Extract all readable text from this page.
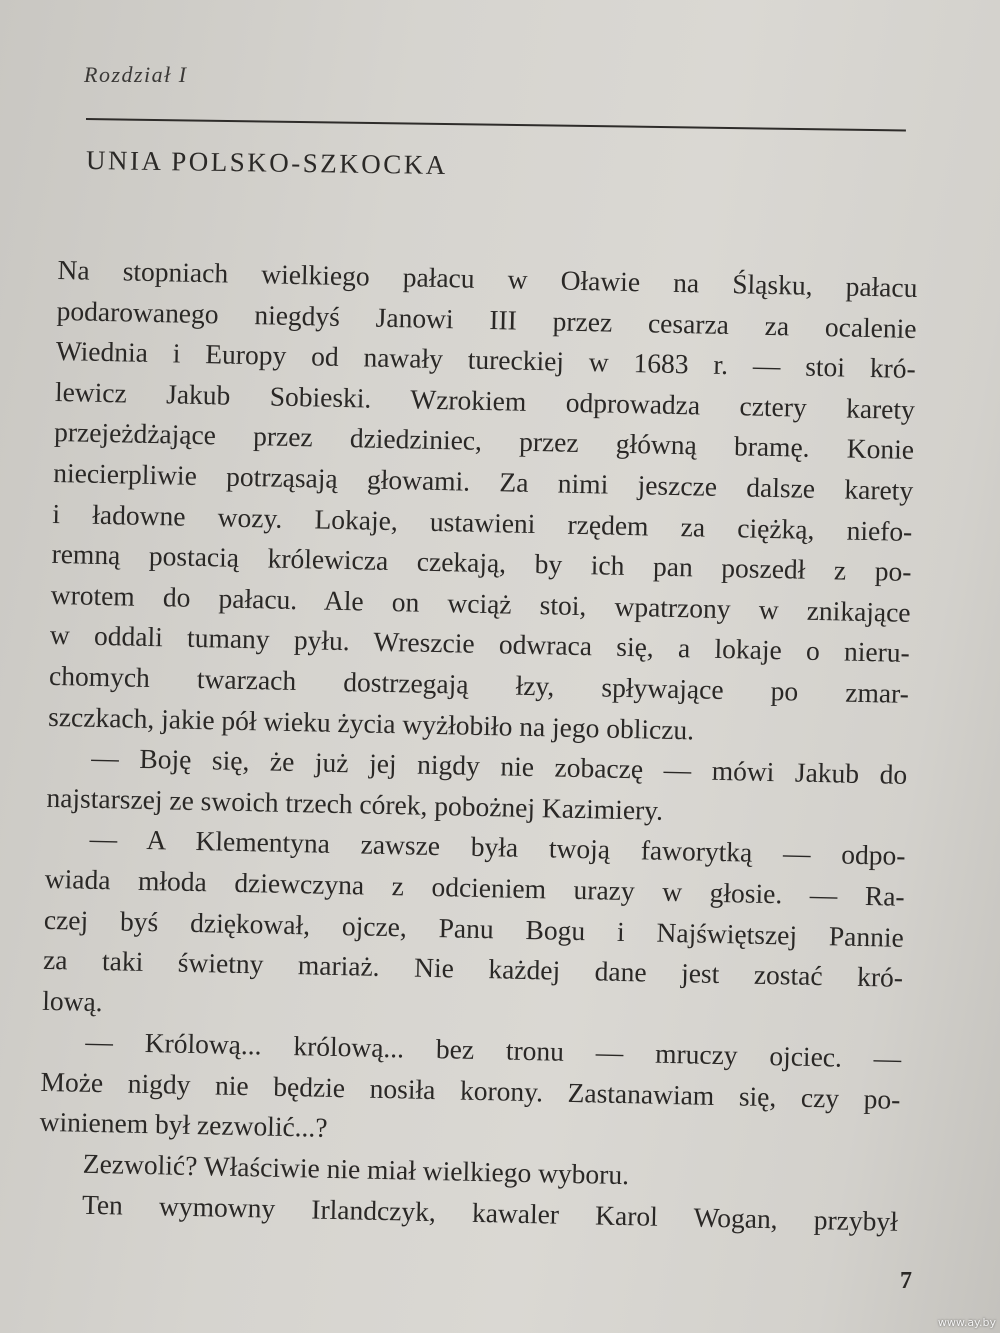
Rozdział I
UNIA POLSKO-SZKOCKA
Na stopniach wielkiego pałacu w Oławie na Śląsku, pałacu
podarowanego niegdyś Janowi III przez cesarza za ocalenie
Wiednia i Europy od nawały tureckiej w 1683 r. — stoi kró-
lewicz Jakub Sobieski. Wzrokiem odprowadza cztery karety
przejeżdżające przez dziedziniec, przez główną bramę. Konie
niecierpliwie potrząsają głowami. Za nimi jeszcze dalsze karety
i ładowne wozy. Lokaje, ustawieni rzędem za ciężką, niefo-
remną postacią królewicza czekają, by ich pan poszedł z po-
wrotem do pałacu. Ale on wciąż stoi, wpatrzony w znikające
w oddali tumany pyłu. Wreszcie odwraca się, a lokaje o nieru-
chomych twarzach dostrzegają łzy, spływające po zmar-
szczkach, jakie pół wieku życia wyżłobiło na jego obliczu.
— Boję się, że już jej nigdy nie zobaczę — mówi Jakub do
najstarszej ze swoich trzech córek, pobożnej Kazimiery.
— A Klementyna zawsze była twoją faworytką — odpo-
wiada młoda dziewczyna z odcieniem urazy w głosie. — Ra-
czej byś dziękował, ojcze, Panu Bogu i Najświętszej Pannie
za taki świetny mariaż. Nie każdej dane jest zostać kró-
lową.
— Królową... królową... bez tronu — mruczy ojciec. —
Może nigdy nie będzie nosiła korony. Zastanawiam się, czy po-
winienem był zezwolić...?
Zezwolić? Właściwie nie miał wielkiego wyboru.
Ten wymowny Irlandczyk, kawaler Karol Wogan, przybył
7
www.ay.by
